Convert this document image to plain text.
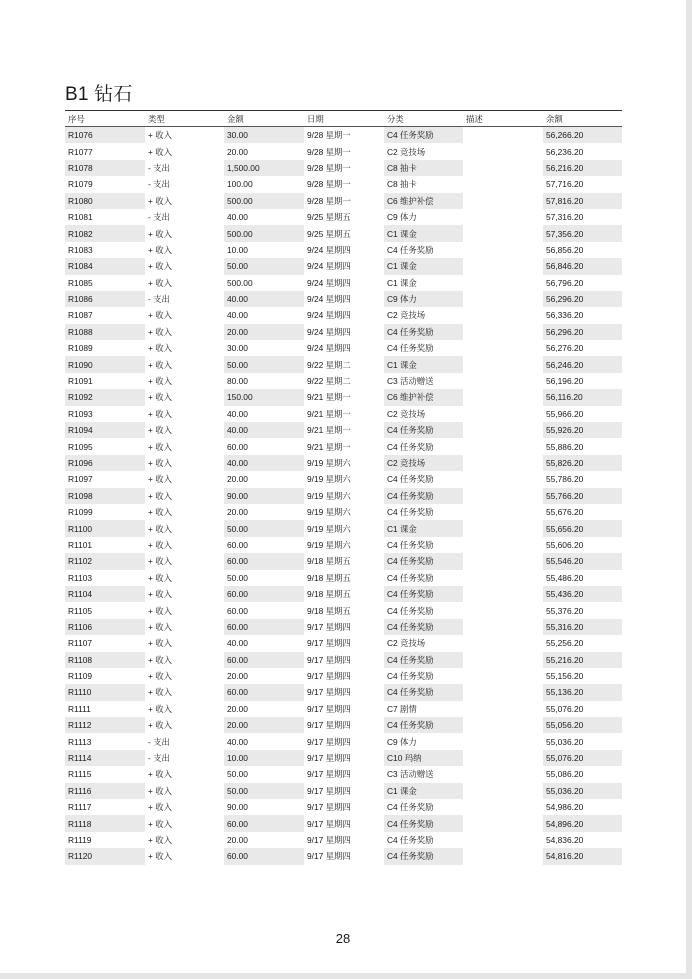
B1 钻石
序号	类型	金额	日期	分类	描述	余额
R1076	+ 收入	30.00	9/28 星期一	C4 任务奖励		56,266.20
R1077	+ 收入	20.00	9/28 星期一	C2 竞技场		56,236.20
R1078	- 支出	1,500.00	9/28 星期一	C8 抽卡		56,216.20
R1079	- 支出	100.00	9/28 星期一	C8 抽卡		57,716.20
R1080	+ 收入	500.00	9/28 星期一	C6 维护补偿		57,816.20
R1081	- 支出	40.00	9/25 星期五	C9 体力		57,316.20
R1082	+ 收入	500.00	9/25 星期五	C1 课金		57,356.20
R1083	+ 收入	10.00	9/24 星期四	C4 任务奖励		56,856.20
R1084	+ 收入	50.00	9/24 星期四	C1 课金		56,846.20
R1085	+ 收入	500.00	9/24 星期四	C1 课金		56,796.20
R1086	- 支出	40.00	9/24 星期四	C9 体力		56,296.20
R1087	+ 收入	40.00	9/24 星期四	C2 竞技场		56,336.20
R1088	+ 收入	20.00	9/24 星期四	C4 任务奖励		56,296.20
R1089	+ 收入	30.00	9/24 星期四	C4 任务奖励		56,276.20
R1090	+ 收入	50.00	9/22 星期二	C1 课金		56,246.20
R1091	+ 收入	80.00	9/22 星期二	C3 活动赠送		56,196.20
R1092	+ 收入	150.00	9/21 星期一	C6 维护补偿		56,116.20
R1093	+ 收入	40.00	9/21 星期一	C2 竞技场		55,966.20
R1094	+ 收入	40.00	9/21 星期一	C4 任务奖励		55,926.20
R1095	+ 收入	60.00	9/21 星期一	C4 任务奖励		55,886.20
R1096	+ 收入	40.00	9/19 星期六	C2 竞技场		55,826.20
R1097	+ 收入	20.00	9/19 星期六	C4 任务奖励		55,786.20
R1098	+ 收入	90.00	9/19 星期六	C4 任务奖励		55,766.20
R1099	+ 收入	20.00	9/19 星期六	C4 任务奖励		55,676.20
R1100	+ 收入	50.00	9/19 星期六	C1 课金		55,656.20
R1101	+ 收入	60.00	9/19 星期六	C4 任务奖励		55,606.20
R1102	+ 收入	60.00	9/18 星期五	C4 任务奖励		55,546.20
R1103	+ 收入	50.00	9/18 星期五	C4 任务奖励		55,486.20
R1104	+ 收入	60.00	9/18 星期五	C4 任务奖励		55,436.20
R1105	+ 收入	60.00	9/18 星期五	C4 任务奖励		55,376.20
R1106	+ 收入	60.00	9/17 星期四	C4 任务奖励		55,316.20
R1107	+ 收入	40.00	9/17 星期四	C2 竞技场		55,256.20
R1108	+ 收入	60.00	9/17 星期四	C4 任务奖励		55,216.20
R1109	+ 收入	20.00	9/17 星期四	C4 任务奖励		55,156.20
R1110	+ 收入	60.00	9/17 星期四	C4 任务奖励		55,136.20
R1111	+ 收入	20.00	9/17 星期四	C7 剧情		55,076.20
R1112	+ 收入	20.00	9/17 星期四	C4 任务奖励		55,056.20
R1113	- 支出	40.00	9/17 星期四	C9 体力		55,036.20
R1114	- 支出	10.00	9/17 星期四	C10 玛纳		55,076.20
R1115	+ 收入	50.00	9/17 星期四	C3 活动赠送		55,086.20
R1116	+ 收入	50.00	9/17 星期四	C1 课金		55,036.20
R1117	+ 收入	90.00	9/17 星期四	C4 任务奖励		54,986.20
R1118	+ 收入	60.00	9/17 星期四	C4 任务奖励		54,896.20
R1119	+ 收入	20.00	9/17 星期四	C4 任务奖励		54,836.20
R1120	+ 收入	60.00	9/17 星期四	C4 任务奖励		54,816.20
28
